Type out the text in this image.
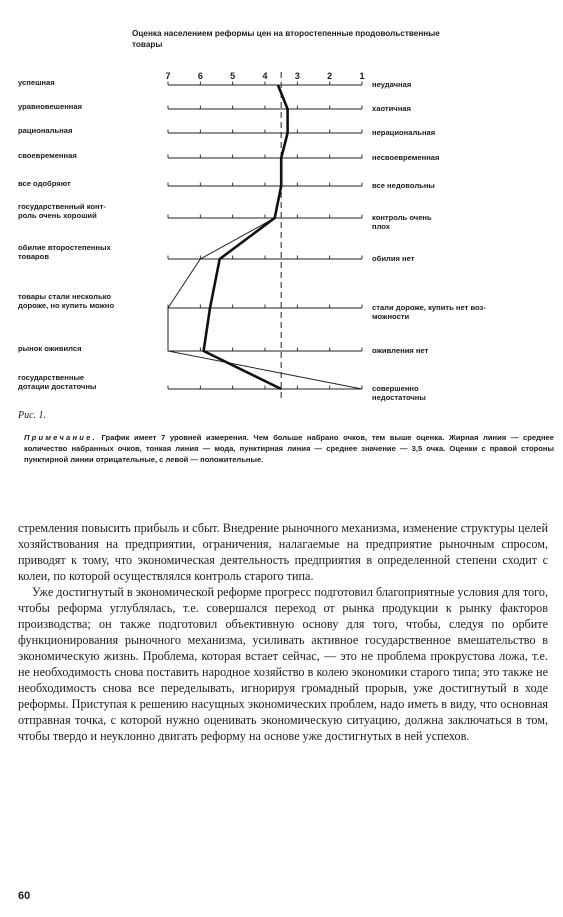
Оценка населением реформы цен на второстепенные продовольственные товары
7	6	5	4	3	2	1
успешная	неудачная
уравновешенная	хаотичная
рациональная	нерациональная
своевременная	несвоевременная
все одобряют	все недовольны
государственный конт-
роль очень хороший	контроль очень
плох
обилие второстепенных
товаров	обилия нет
товары стали несколько
дороже, но купить можно	стали дороже, купить нет воз-
можности
рынок оживился	оживления нет
государственные
дотации достаточны	совершенно
недостаточны
Рис. 1.
Примечание. График имеет 7 уровней измерения. Чем больше набрано очков, тем выше оценка. Жирная линия — среднее количество набранных очков, тонкая линия — мода, пунктирная линия — среднее значение — 3,5 очка. Оценки с правой стороны пунктирной линии отрицательные, с левой — положительные.

стремления повысить прибыль и сбыт. Внедрение рыночного механизма, изменение структуры целей хозяйствования на предприятии, ограничения, налагаемые на предприятие рыночным спросом, приводят к тому, что экономическая деятельность предприятия в определенной степени сходит с колеи, по которой осуществлялся контроль старого типа.

Уже достигнутый в экономической реформе прогресс подготовил благоприятные условия для того, чтобы реформа углублялась, т.е. совершался переход от рынка продукции к рынку факторов производства; он также подготовил объективную основу для того, чтобы, следуя по орбите функционирования рыночного механизма, усиливать активное государственное вмешательство в экономическую жизнь. Проблема, которая встает сейчас, — это не проблема прокрустова ложа, т.е. не необходимость снова поставить народное хозяйство в колею экономики старого типа; это также не необходимость снова все переделывать, игнорируя громадный прорыв, уже достигнутый в ходе реформы. Приступая к решению насущных экономических проблем, надо иметь в виду, что основная отправная точка, с которой нужно оценивать экономическую ситуацию, должна заключаться в том, чтобы твердо и неуклонно двигать реформу на основе уже достигнутых в ней успехов.

60
